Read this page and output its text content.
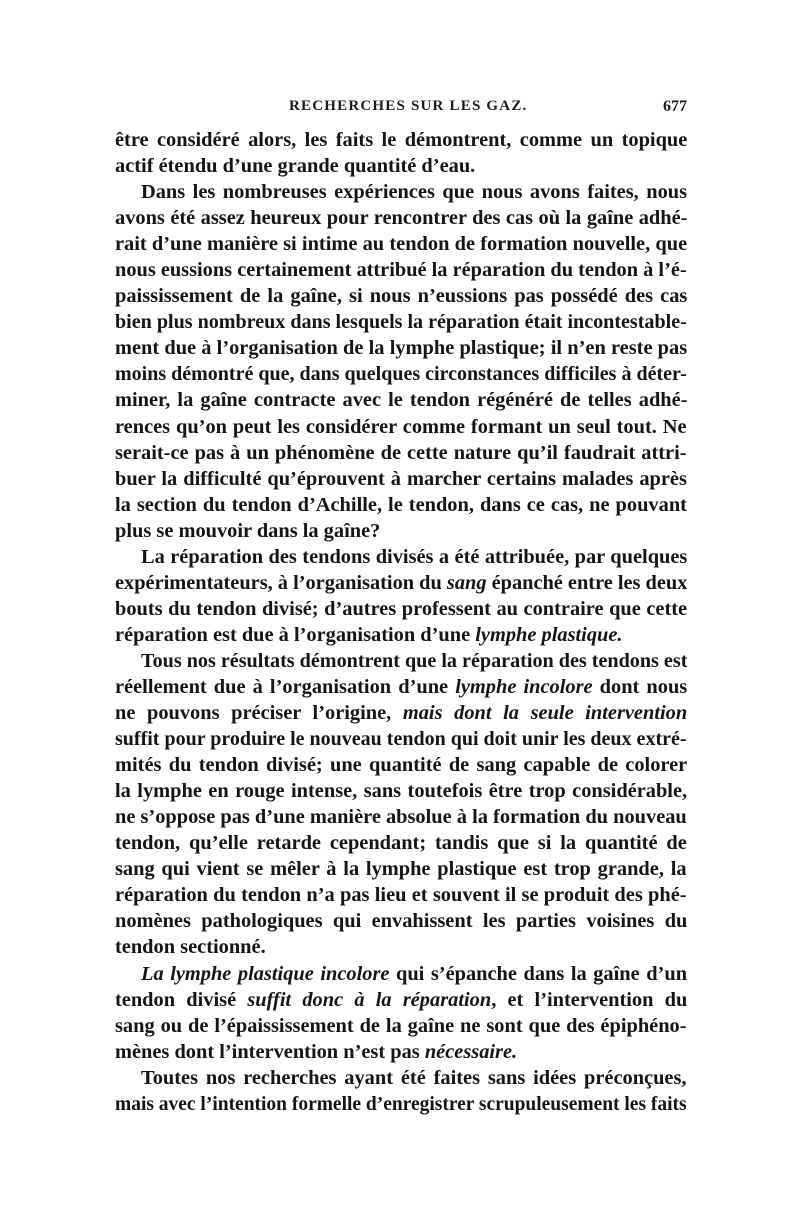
RECHERCHES SUR LES GAZ.	677
être considéré alors, les faits le démontrent, comme un topique
actif étendu d’une grande quantité d’eau.
Dans les nombreuses expériences que nous avons faites, nous
avons été assez heureux pour rencontrer des cas où la gaîne adhé-
rait d’une manière si intime au tendon de formation nouvelle, que
nous eussions certainement attribué la réparation du tendon à l’é-
paississement de la gaîne, si nous n’eussions pas possédé des cas
bien plus nombreux dans lesquels la réparation était incontestable-
ment due à l’organisation de la lymphe plastique; il n’en reste pas
moins démontré que, dans quelques circonstances difficiles à déter-
miner, la gaîne contracte avec le tendon régénéré de telles adhé-
rences qu’on peut les considérer comme formant un seul tout. Ne
serait-ce pas à un phénomène de cette nature qu’il faudrait attri-
buer la difficulté qu’éprouvent à marcher certains malades après
la section du tendon d’Achille, le tendon, dans ce cas, ne pouvant
plus se mouvoir dans la gaîne?
La réparation des tendons divisés a été attribuée, par quelques
expérimentateurs, à l’organisation du sang épanché entre les deux
bouts du tendon divisé; d’autres professent au contraire que cette
réparation est due à l’organisation d’une lymphe plastique.
Tous nos résultats démontrent que la réparation des tendons est
réellement due à l’organisation d’une lymphe incolore dont nous
ne pouvons préciser l’origine, mais dont la seule intervention
suffit pour produire le nouveau tendon qui doit unir les deux extré-
mités du tendon divisé; une quantité de sang capable de colorer
la lymphe en rouge intense, sans toutefois être trop considérable,
ne s’oppose pas d’une manière absolue à la formation du nouveau
tendon, qu’elle retarde cependant; tandis que si la quantité de
sang qui vient se mêler à la lymphe plastique est trop grande, la
réparation du tendon n’a pas lieu et souvent il se produit des phé-
nomènes pathologiques qui envahissent les parties voisines du
tendon sectionné.
La lymphe plastique incolore qui s’épanche dans la gaîne d’un
tendon divisé suffit donc à la réparation, et l’intervention du
sang ou de l’épaississement de la gaîne ne sont que des épiphéno-
mènes dont l’intervention n’est pas nécessaire.
Toutes nos recherches ayant été faites sans idées préconçues,
mais avec l’intention formelle d’enregistrer scrupuleusement les faits
